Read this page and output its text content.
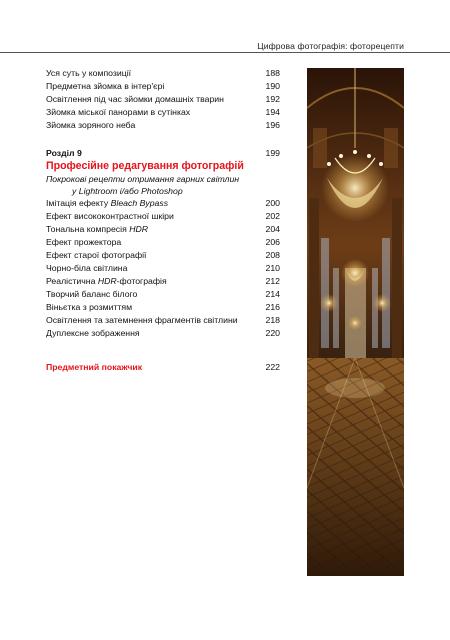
Цифрова фотографія: фоторецепти
Уся суть у композиції	188
Предметна зйомка в інтер'єрі	190
Освітлення під час зйомки домашніх тварин	192
Зйомка міської панорами в сутінках	194
Зйомка зоряного неба	196
Розділ 9	199
Професійне редагування фотографій
Покрокові рецепти отримання гарних світлин
у Lightroom і/або Photoshop
Імітація ефекту Bleach Bypass	200
Ефект висококонтрастної шкіри	202
Тональна компресія HDR	204
Ефект прожектора	206
Ефект старої фотографії	208
Чорно-біла світлина	210
Реалістична HDR-фотографія	212
Творчий баланс білого	214
Віньєтка з розмиттям	216
Освітлення та затемнення фрагментів світлини	218
Дуплексне зображення	220
Предметний покажчик	222
